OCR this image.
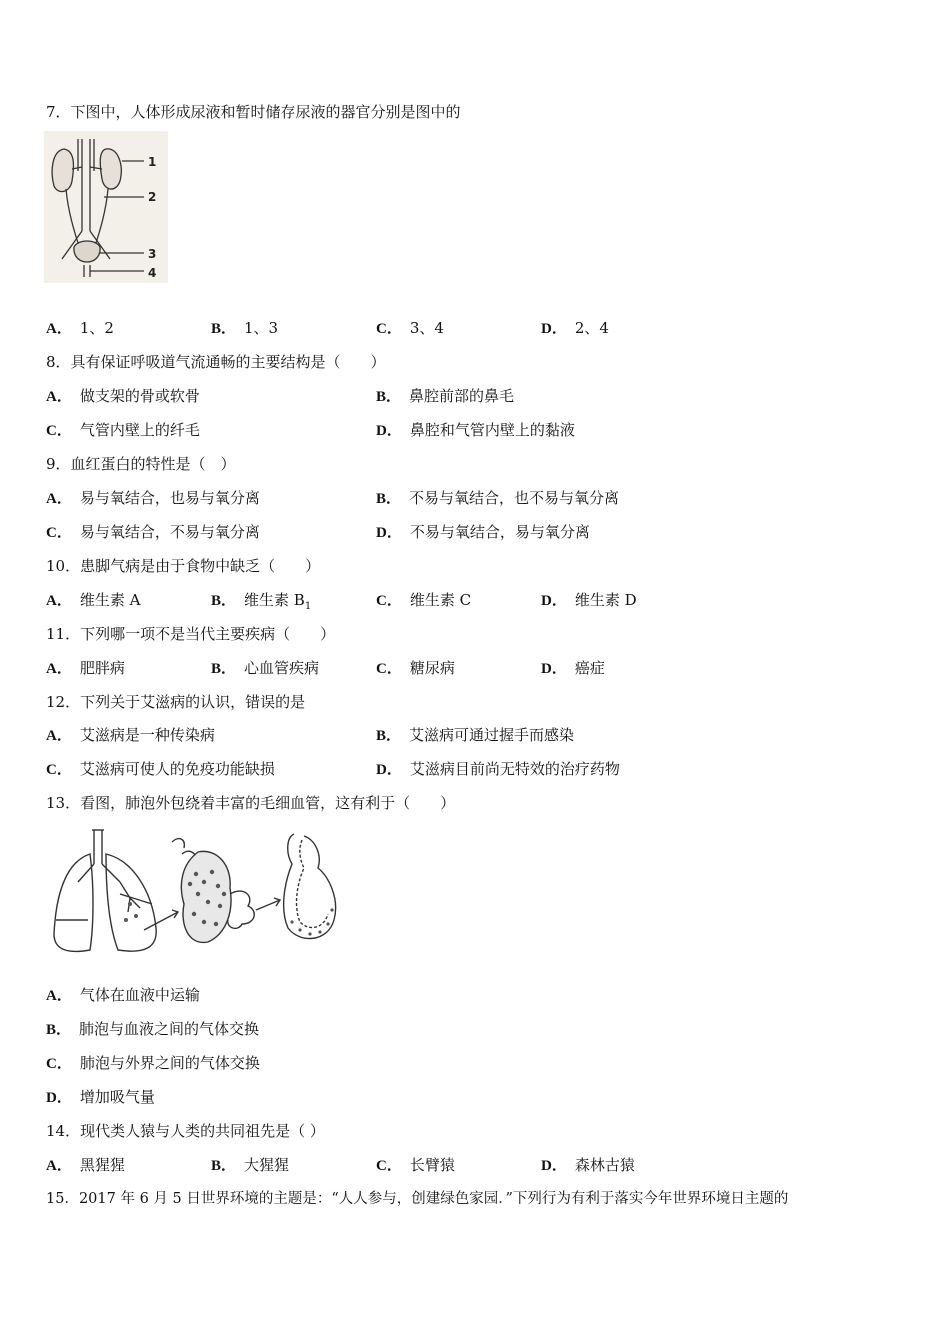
7．下图中，人体形成尿液和暂时储存尿液的器官分别是图中的
1
2
3
4
A． 1、2	B． 1、3	C． 3、4	D． 2、4
8．具有保证呼吸道气流通畅的主要结构是（　　）
A． 做支架的骨或软骨	B． 鼻腔前部的鼻毛
C． 气管内壁上的纤毛	D． 鼻腔和气管内壁上的黏液
9．血红蛋白的特性是（　）
A． 易与氧结合，也易与氧分离	B． 不易与氧结合，也不易与氧分离
C． 易与氧结合，不易与氧分离	D． 不易与氧结合，易与氧分离
10．患脚气病是由于食物中缺乏（　　）
A． 维生素 A	B． 维生素 $B_1$	C． 维生素 C	D． 维生素 D
11．下列哪一项不是当代主要疾病（　　）
A． 肥胖病	B． 心血管疾病	C． 糖尿病	D． 癌症
12．下列关于艾滋病的认识，错误的是
A． 艾滋病是一种传染病	B． 艾滋病可通过握手而感染
C． 艾滋病可使人的免疫功能缺损	D． 艾滋病目前尚无特效的治疗药物
13．看图，肺泡外包绕着丰富的毛细血管，这有利于（　　）
A． 气体在血液中运输
B． 肺泡与血液之间的气体交换
C． 肺泡与外界之间的气体交换
D． 增加吸气量
14．现代类人猿与人类的共同祖先是（ ）
A． 黑猩猩	B． 大猩猩	C． 长臂猿	D． 森林古猿
15．2017 年 6 月 5 日世界环境的主题是：“人人参与，创建绿色家园．”下列行为有利于落实今年世界环境日主题的
